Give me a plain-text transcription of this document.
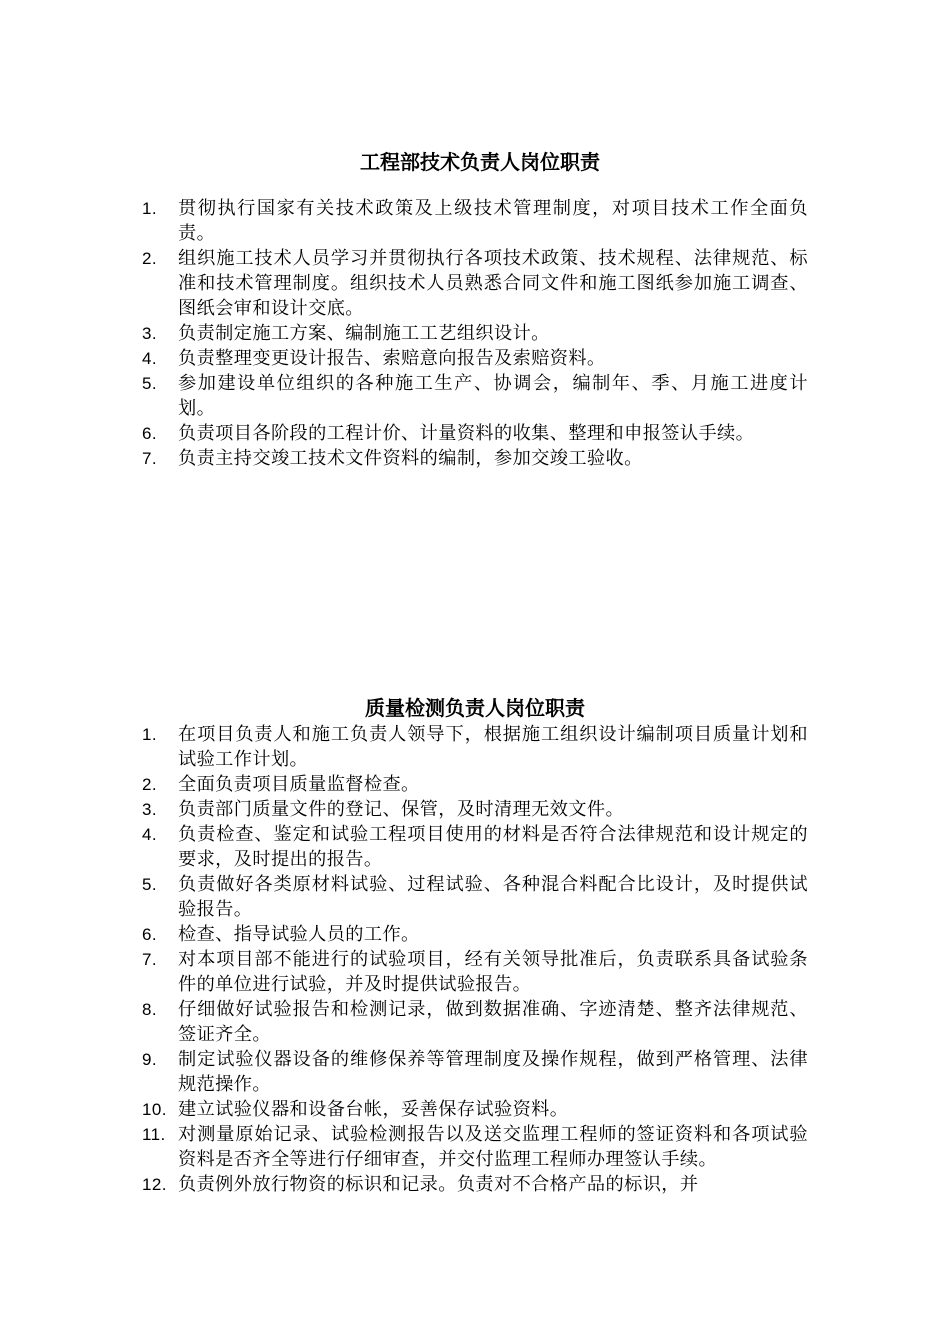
工程部技术负责人岗位职责
1.	贯彻执行国家有关技术政策及上级技术管理制度，对项目技术工作全面负责。
2.	组织施工技术人员学习并贯彻执行各项技术政策、技术规程、法律规范、标准和技术管理制度。组织技术人员熟悉合同文件和施工图纸参加施工调查、图纸会审和设计交底。
3.	负责制定施工方案、编制施工工艺组织设计。
4.	负责整理变更设计报告、索赔意向报告及索赔资料。
5.	参加建设单位组织的各种施工生产、协调会，编制年、季、月施工进度计划。
6.	负责项目各阶段的工程计价、计量资料的收集、整理和申报签认手续。
7.	负责主持交竣工技术文件资料的编制，参加交竣工验收。
质量检测负责人岗位职责
1.	在项目负责人和施工负责人领导下，根据施工组织设计编制项目质量计划和试验工作计划。
2.	全面负责项目质量监督检查。
3.	负责部门质量文件的登记、保管，及时清理无效文件。
4.	负责检查、鉴定和试验工程项目使用的材料是否符合法律规范和设计规定的要求，及时提出的报告。
5.	负责做好各类原材料试验、过程试验、各种混合料配合比设计，及时提供试验报告。
6.	检查、指导试验人员的工作。
7.	对本项目部不能进行的试验项目，经有关领导批准后，负责联系具备试验条件的单位进行试验，并及时提供试验报告。
8.	仔细做好试验报告和检测记录，做到数据准确、字迹清楚、整齐法律规范、签证齐全。
9.	制定试验仪器设备的维修保养等管理制度及操作规程，做到严格管理、法律规范操作。
10. 建立试验仪器和设备台帐，妥善保存试验资料。
11. 对测量原始记录、试验检测报告以及送交监理工程师的签证资料和各项试验资料是否齐全等进行仔细审查，并交付监理工程师办理签认手续。
12. 负责例外放行物资的标识和记录。负责对不合格产品的标识，并
